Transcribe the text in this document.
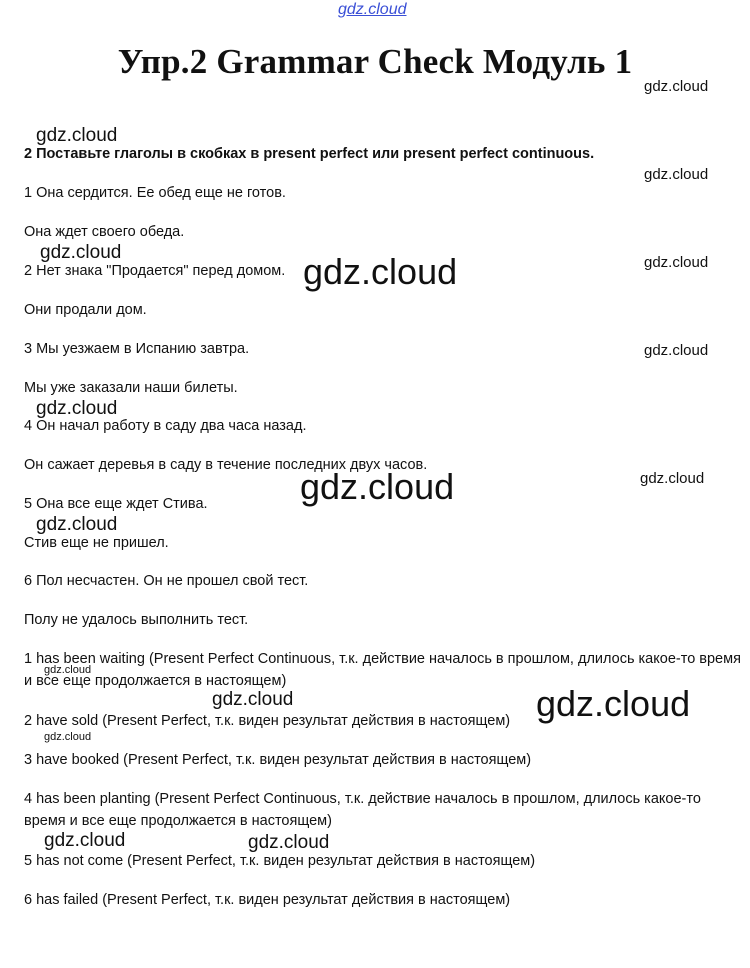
gdz.cloud
Упр.2 Grammar Check Модуль 1
2 Поставьте глаголы в скобках в present perfect или present perfect continuous.
1 Она сердится. Ее обед еще не готов.
Она ждет своего обеда.
2 Нет знака "Продается" перед домом.
Они продали дом.
3 Мы уезжаем в Испанию завтра.
Мы уже заказали наши билеты.
4 Он начал работу в саду два часа назад.
Он сажает деревья в саду в течение последних двух часов.
5 Она все еще ждет Стива.
Стив еще не пришел.
6 Пол несчастен. Он не прошел свой тест.
Полу не удалось выполнить тест.
1 has been waiting (Present Perfect Continuous, т.к. действие началось в прошлом, длилось какое-то время и все еще продолжается в настоящем)
2 have sold (Present Perfect, т.к. виден результат действия в настоящем)
3 have booked (Present Perfect, т.к. виден результат действия в настоящем)
4 has been planting (Present Perfect Continuous, т.к. действие началось в прошлом, длилось какое-то время и все еще продолжается в настоящем)
5 has not come (Present Perfect, т.к. виден результат действия в настоящем)
6 has failed (Present Perfect, т.к. виден результат действия в настоящем)
gdz.cloud
gdz.cloud
gdz.cloud
gdz.cloud	gdz.cloud	gdz.cloud
gdz.cloud
gdz.cloud
gdz.cloud
gdz.cloud
gdz.cloud
gdz.cloud
gdz.cloud	gdz.cloud
gdz.cloud
gdz.cloud	gdz.cloud
